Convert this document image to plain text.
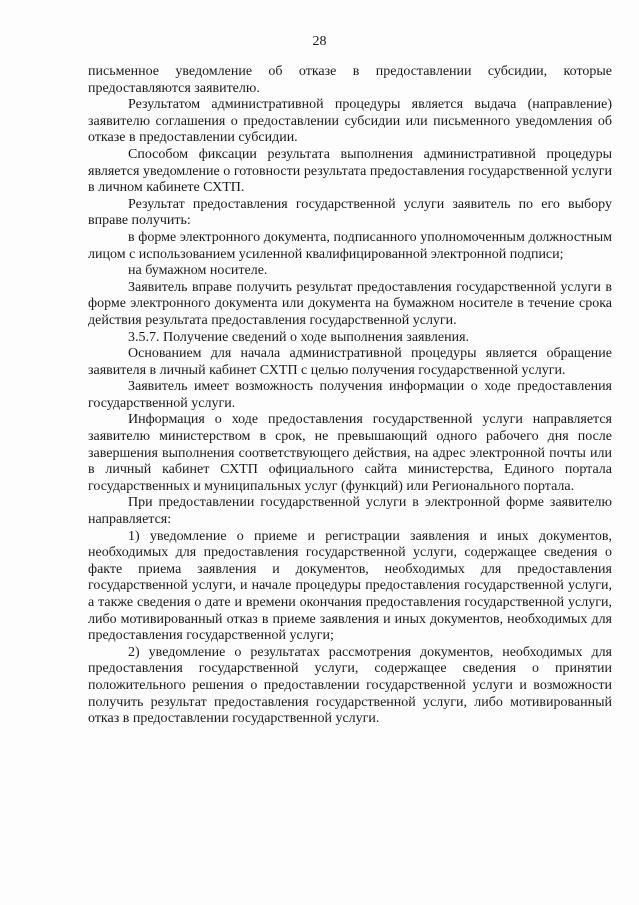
28

письменное уведомление об отказе в предоставлении субсидии, которые предоставляются заявителю.

Результатом административной процедуры является выдача (направление) заявителю соглашения о предоставлении субсидии или письменного уведомления об отказе в предоставлении субсидии.

Способом фиксации результата выполнения административной процедуры является уведомление о готовности результата предоставления государственной услуги в личном кабинете СХТП.

Результат предоставления государственной услуги заявитель по его выбору вправе получить:

в форме электронного документа, подписанного уполномоченным должностным лицом с использованием усиленной квалифицированной электронной подписи;

на бумажном носителе.

Заявитель вправе получить результат предоставления государственной услуги в форме электронного документа или документа на бумажном носителе в течение срока действия результата предоставления государственной услуги.

3.5.7. Получение сведений о ходе выполнения заявления.

Основанием для начала административной процедуры является обращение заявителя в личный кабинет СХТП с целью получения государственной услуги.

Заявитель имеет возможность получения информации о ходе предоставления государственной услуги.

Информация о ходе предоставления государственной услуги направляется заявителю министерством в срок, не превышающий одного рабочего дня после завершения выполнения соответствующего действия, на адрес электронной почты или в личный кабинет СХТП официального сайта министерства, Единого портала государственных и муниципальных услуг (функций) или Регионального портала.

При предоставлении государственной услуги в электронной форме заявителю направляется:

1) уведомление о приеме и регистрации заявления и иных документов, необходимых для предоставления государственной услуги, содержащее сведения о факте приема заявления и документов, необходимых для предоставления государственной услуги, и начале процедуры предоставления государственной услуги, а также сведения о дате и времени окончания предоставления государственной услуги, либо мотивированный отказ в приеме заявления и иных документов, необходимых для предоставления государственной услуги;

2) уведомление о результатах рассмотрения документов, необходимых для предоставления государственной услуги, содержащее сведения о принятии положительного решения о предоставлении государственной услуги и возможности получить результат предоставления государственной услуги, либо мотивированный отказ в предоставлении государственной услуги.
